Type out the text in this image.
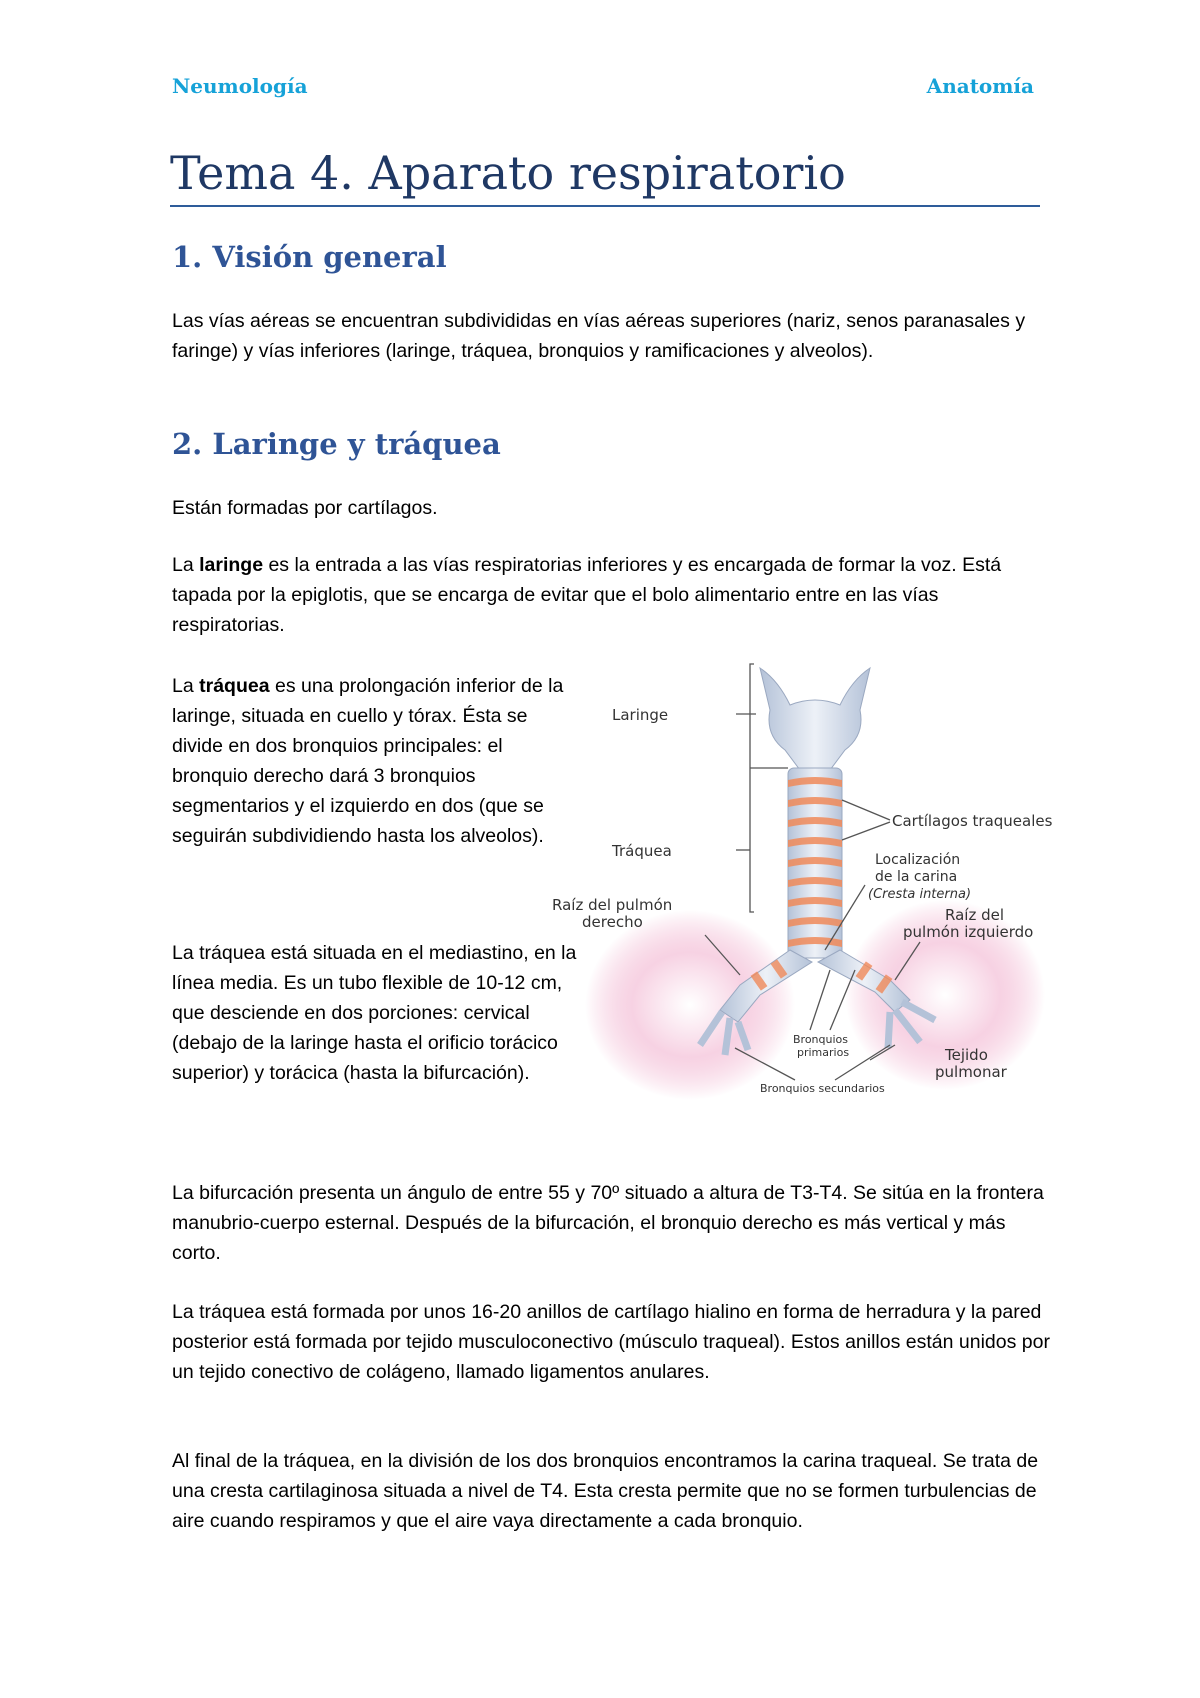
Neumología	Anatomía
Tema 4. Aparato respiratorio
1. Visión general

Las vías aéreas se encuentran subdivididas en vías aéreas superiores (nariz, senos paranasales y faringe) y vías inferiores (laringe, tráquea, bronquios y ramificaciones y alveolos).

2. Laringe y tráquea

Están formadas por cartílagos.

La laringe es la entrada a las vías respiratorias inferiores y es encargada de formar la voz. Está tapada por la epiglotis, que se encarga de evitar que el bolo alimentario entre en las vías respiratorias.

La tráquea es una prolongación inferior de la laringe, situada en cuello y tórax. Ésta se divide en dos bronquios principales: el bronquio derecho dará 3 bronquios segmentarios y el izquierdo en dos (que se seguirán subdividiendo hasta los alveolos).

La tráquea está situada en el mediastino, en la línea media. Es un tubo flexible de 10-12 cm, que desciende en dos porciones: cervical (debajo de la laringe hasta el orificio torácico superior) y torácica (hasta la bifurcación).

La bifurcación presenta un ángulo de entre 55 y 70º situado a altura de T3-T4. Se sitúa en la frontera manubrio-cuerpo esternal. Después de la bifurcación, el bronquio derecho es más vertical y más corto.

La tráquea está formada por unos 16-20 anillos de cartílago hialino en forma de herradura y la pared posterior está formada por tejido musculoconectivo (músculo traqueal). Estos anillos están unidos por un tejido conectivo de colágeno, llamado ligamentos anulares.

Al final de la tráquea, en la división de los dos bronquios encontramos la carina traqueal. Se trata de una cresta cartilaginosa situada a nivel de T4. Esta cresta permite que no se formen turbulencias de aire cuando respiramos y que el aire vaya directamente a cada bronquio.

Laringe
Tráquea
Cartílagos traqueales
Localización
de la carina
(Cresta interna)
Raíz del pulmón
derecho	Raíz del
pulmón izquierdo
Bronquios
primarios	Tejido
pulmonar
Bronquios secundarios
